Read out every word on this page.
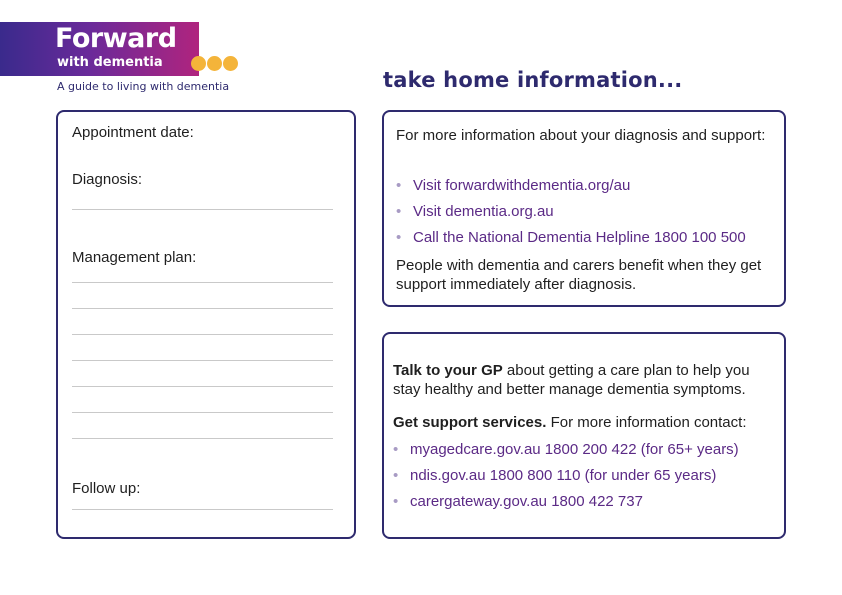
Forward
with dementia
A guide to living with dementia	take home information...
Appointment date:
Diagnosis:
Management plan:
Follow up:
For more information about your diagnosis and support:
• Visit forwardwithdementia.org/au
• Visit dementia.org.au
• Call the National Dementia Helpline 1800 100 500
People with dementia and carers benefit when they get support immediately after diagnosis.
Talk to your GP about getting a care plan to help you stay healthy and better manage dementia symptoms.
Get support services. For more information contact:
• myagedcare.gov.au 1800 200 422 (for 65+ years)
• ndis.gov.au 1800 800 110 (for under 65 years)
• carergateway.gov.au 1800 422 737
